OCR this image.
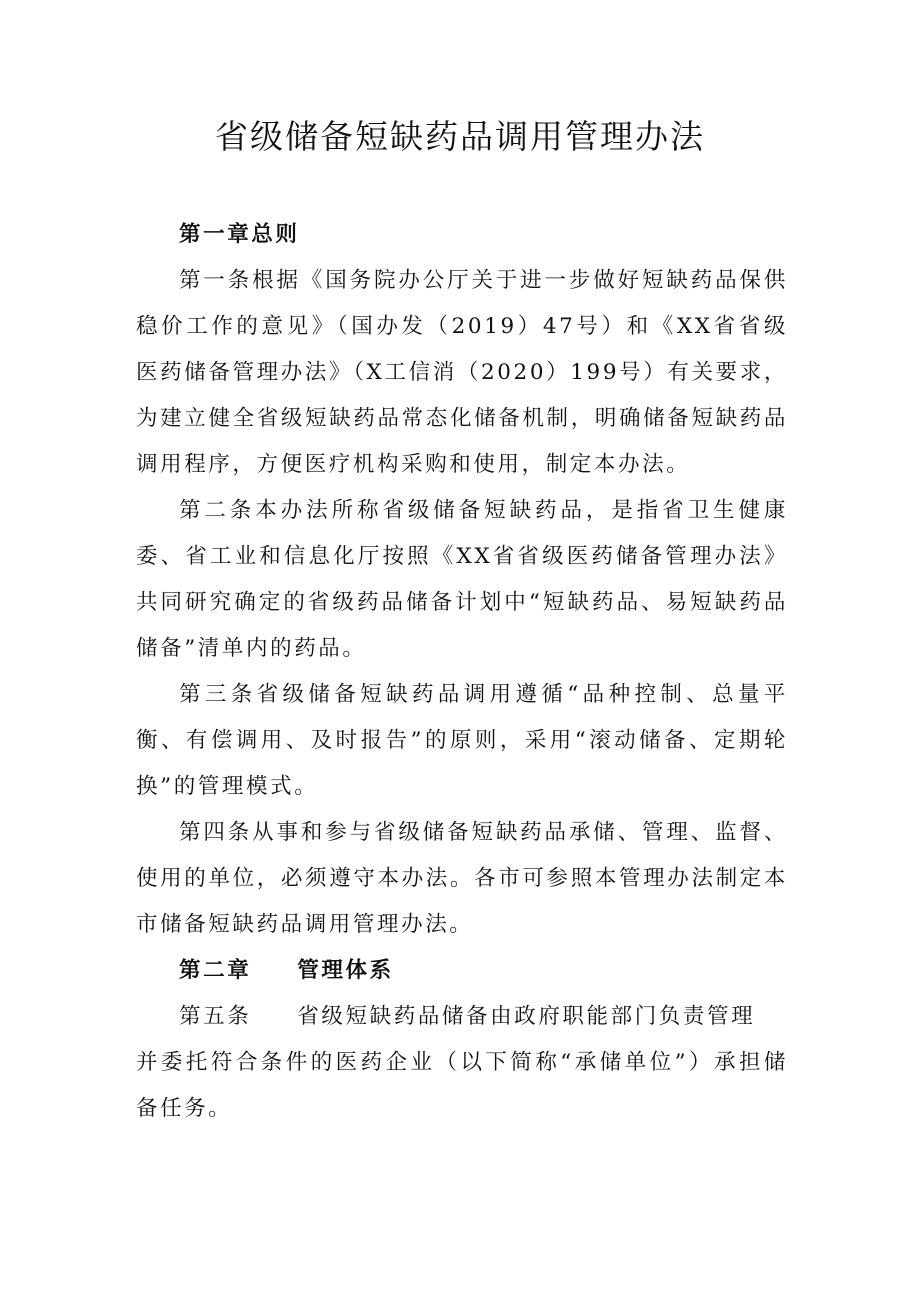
省级储备短缺药品调用管理办法

第一章总则

第一条根据《国务院办公厅关于进一步做好短缺药品保供稳价工作的意见》（国办发（2019）47号）和《XX省省级医药储备管理办法》（X工信消（2020）199号）有关要求，为建立健全省级短缺药品常态化储备机制，明确储备短缺药品调用程序，方便医疗机构采购和使用，制定本办法。

第二条本办法所称省级储备短缺药品，是指省卫生健康委、省工业和信息化厅按照《XX省省级医药储备管理办法》共同研究确定的省级药品储备计划中“短缺药品、易短缺药品储备”清单内的药品。

第三条省级储备短缺药品调用遵循“品种控制、总量平衡、有偿调用、及时报告”的原则，采用“滚动储备、定期轮换”的管理模式。

第四条从事和参与省级储备短缺药品承储、管理、监督、使用的单位，必须遵守本办法。各市可参照本管理办法制定本市储备短缺药品调用管理办法。

第二章 管理体系

第五条 省级短缺药品储备由政府职能部门负责管理

并委托符合条件的医药企业（以下简称“承储单位”）承担储备任务。
